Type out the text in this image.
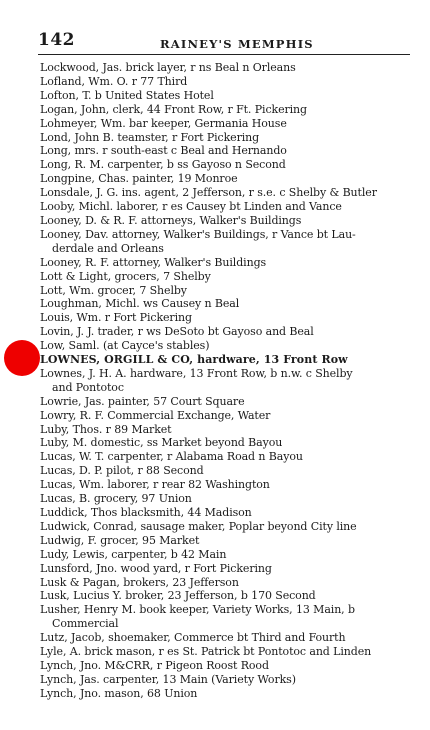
142	RAINEY'S MEMPHIS
Lockwood, Jas. brick layer, r ns Beal n Orleans
Lofland, Wm. O. r 77 Third
Lofton, T. b United States Hotel
Logan, John, clerk, 44 Front Row, r Ft. Pickering
Lohmeyer, Wm. bar keeper, Germania House
Lond, John B. teamster, r Fort Pickering
Long, mrs. r south-east c Beal and Hernando
Long, R. M. carpenter, b ss Gayoso n Second
Longpine, Chas. painter, 19 Monroe
Lonsdale, J. G. ins. agent, 2 Jefferson, r s.e. c Shelby & Butler
Looby, Michl. laborer, r es Causey bt Linden and Vance
Looney, D. & R. F. attorneys, Walker's Buildings
Looney, Dav. attorney, Walker's Buildings, r Vance bt Lau-
derdale and Orleans
Looney, R. F. attorney, Walker's Buildings
Lott & Light, grocers, 7 Shelby
Lott, Wm. grocer, 7 Shelby
Loughman, Michl. ws Causey n Beal
Louis, Wm. r Fort Pickering
Lovin, J. J. trader, r ws DeSoto bt Gayoso and Beal
Low, Saml. (at Cayce's stables)
LOWNES, ORGILL & CO, hardware, 13 Front Row
Lownes, J. H. A. hardware, 13 Front Row, b n.w. c Shelby
and Pontotoc
Lowrie, Jas. painter, 57 Court Square
Lowry, R. F. Commercial Exchange, Water
Luby, Thos. r 89 Market
Luby, M. domestic, ss Market beyond Bayou
Lucas, W. T. carpenter, r Alabama Road n Bayou
Lucas, D. P. pilot, r 88 Second
Lucas, Wm. laborer, r rear 82 Washington
Lucas, B. grocery, 97 Union
Luddick, Thos blacksmith, 44 Madison
Ludwick, Conrad, sausage maker, Poplar beyond City line
Ludwig, F. grocer, 95 Market
Ludy, Lewis, carpenter, b 42 Main
Lunsford, Jno. wood yard, r Fort Pickering
Lusk & Pagan, brokers, 23 Jefferson
Lusk, Lucius Y. broker, 23 Jefferson, b 170 Second
Lusher, Henry M. book keeper, Variety Works, 13 Main, b
Commercial
Lutz, Jacob, shoemaker, Commerce bt Third and Fourth
Lyle, A. brick mason, r es St. Patrick bt Pontotoc and Linden
Lynch, Jno. M&CRR, r Pigeon Roost Rood
Lynch, Jas. carpenter, 13 Main (Variety Works)
Lynch, Jno. mason, 68 Union
